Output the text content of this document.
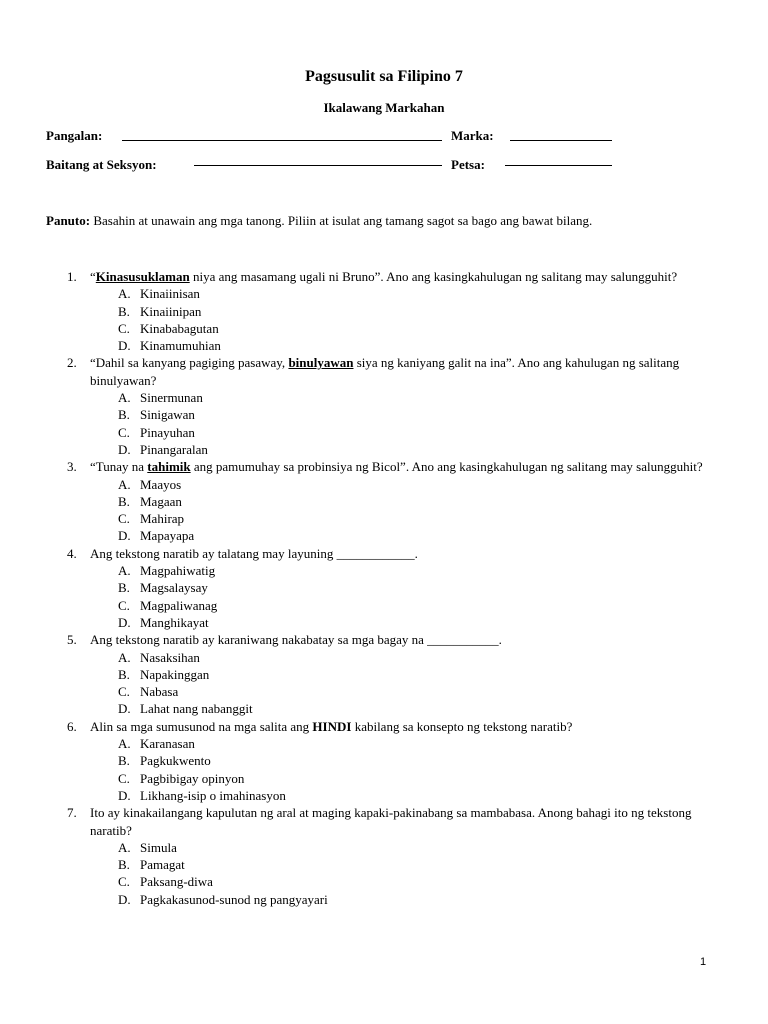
Pagsusulit sa Filipino 7
Ikalawang Markahan
Pangalan:	Marka:
Baitang at Seksyon:	Petsa:
Panuto: Basahin at unawain ang mga tanong. Piliin at isulat ang tamang sagot sa bago ang bawat bilang.
1. “Kinasusuklaman niya ang masamang ugali ni Bruno”. Ano ang kasingkahulugan ng salitang may salungguhit?
A. Kinaiinisan
B. Kinaiinipan
C. Kinababagutan
D. Kinamumuhian
2. “Dahil sa kanyang pagiging pasaway, binulyawan siya ng kaniyang galit na ina”. Ano ang kahulugan ng salitang binulyawan?
A. Sinermunan
B. Sinigawan
C. Pinayuhan
D. Pinangaralan
3. “Tunay na tahimik ang pamumuhay sa probinsiya ng Bicol”. Ano ang kasingkahulugan ng salitang may salungguhit?
A. Maayos
B. Magaan
C. Mahirap
D. Mapayapa
4. Ang tekstong naratib ay talatang may layuning ____________.
A. Magpahiwatig
B. Magsalaysay
C. Magpaliwanag
D. Manghikayat
5. Ang tekstong naratib ay karaniwang nakabatay sa mga bagay na ___________.
A. Nasaksihan
B. Napakinggan
C. Nabasa
D. Lahat nang nabanggit
6. Alin sa mga sumusunod na mga salita ang HINDI kabilang sa konsepto ng tekstong naratib?
A. Karanasan
B. Pagkukwento
C. Pagbibigay opinyon
D. Likhang-isip o imahinasyon
7. Ito ay kinakailangang kapulutan ng aral at maging kapaki-pakinabang sa mambabasa. Anong bahagi ito ng tekstong naratib?
A. Simula
B. Pamagat
C. Paksang-diwa
D. Pagkakasunod-sunod ng pangyayari
1
